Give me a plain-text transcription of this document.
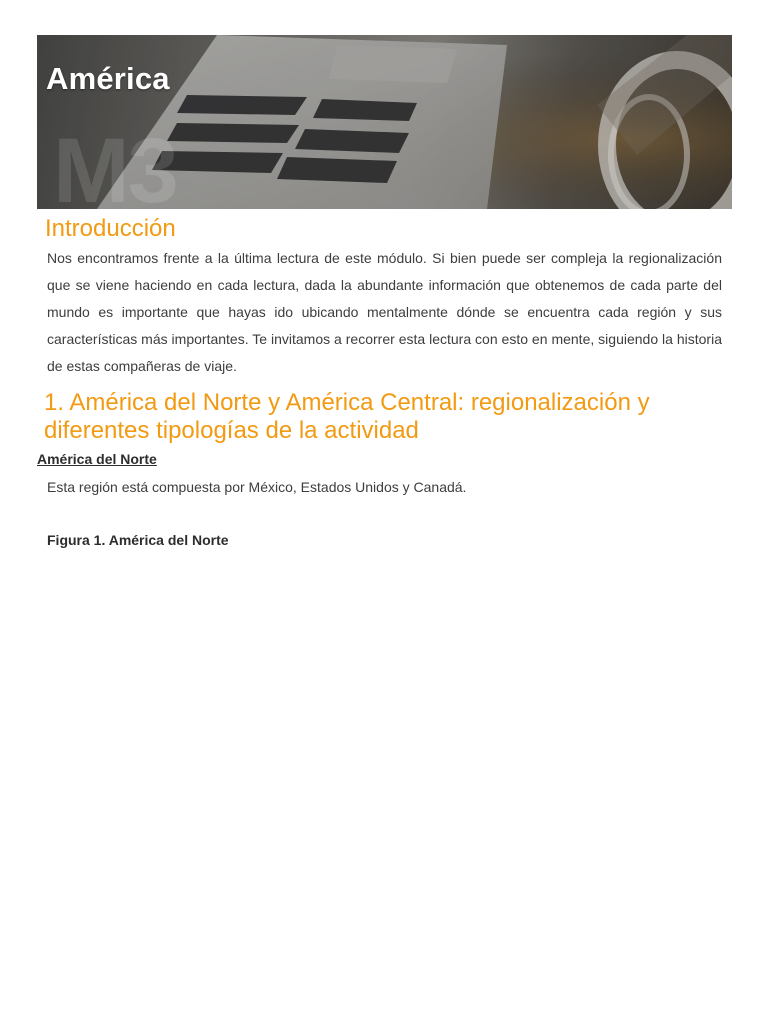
M3
América
Introducción

Nos encontramos frente a la última lectura de este módulo. Si bien puede ser compleja la regionalización que se viene haciendo en cada lectura, dada la abundante información que obtenemos de cada parte del mundo es importante que hayas ido ubicando mentalmente dónde se encuentra cada región y sus características más importantes. Te invitamos a recorrer esta lectura con esto en mente, siguiendo la historia de estas compañeras de viaje.

1. América del Norte y América Central: regionalización y diferentes tipologías de la actividad

América del Norte

Esta región está compuesta por México, Estados Unidos y Canadá.

Figura 1. América del Norte
